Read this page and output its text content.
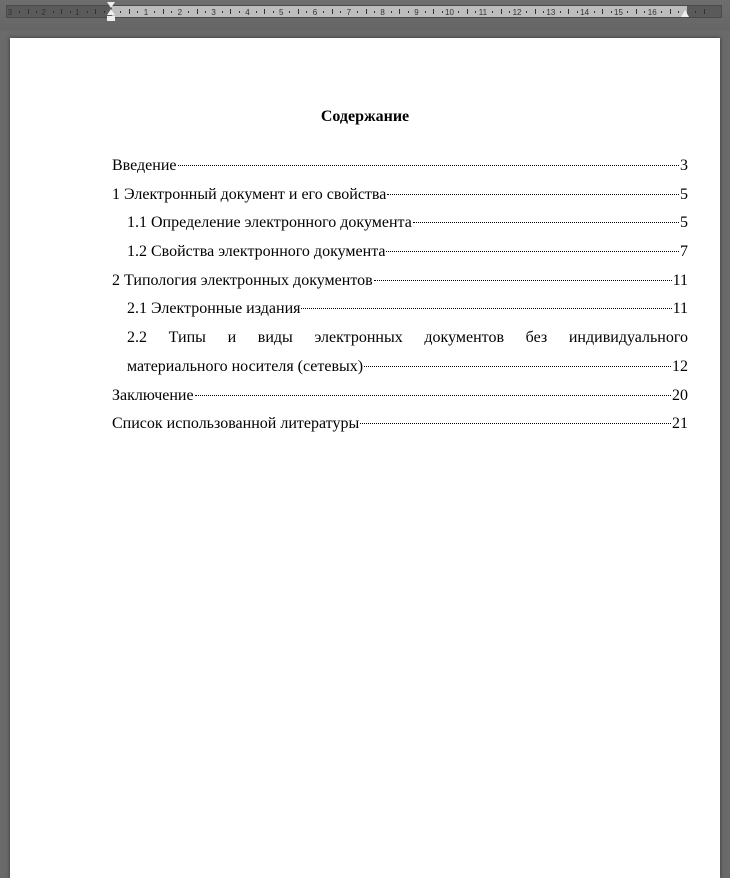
3	2	1	1	2	3	4	5	6	7	8	9	10	11	12	13	14	15	16
Содержание
Введение	3
1 Электронный документ и его свойства	5
1.1 Определение электронного документа	5
1.2 Свойства электронного документа	7
2 Типология электронных документов	11
2.1 Электронные издания	11
2.2 Типы и виды электронных документов без индивидуального
материального носителя (сетевых)	12
Заключение	20
Список использованной литературы	21
